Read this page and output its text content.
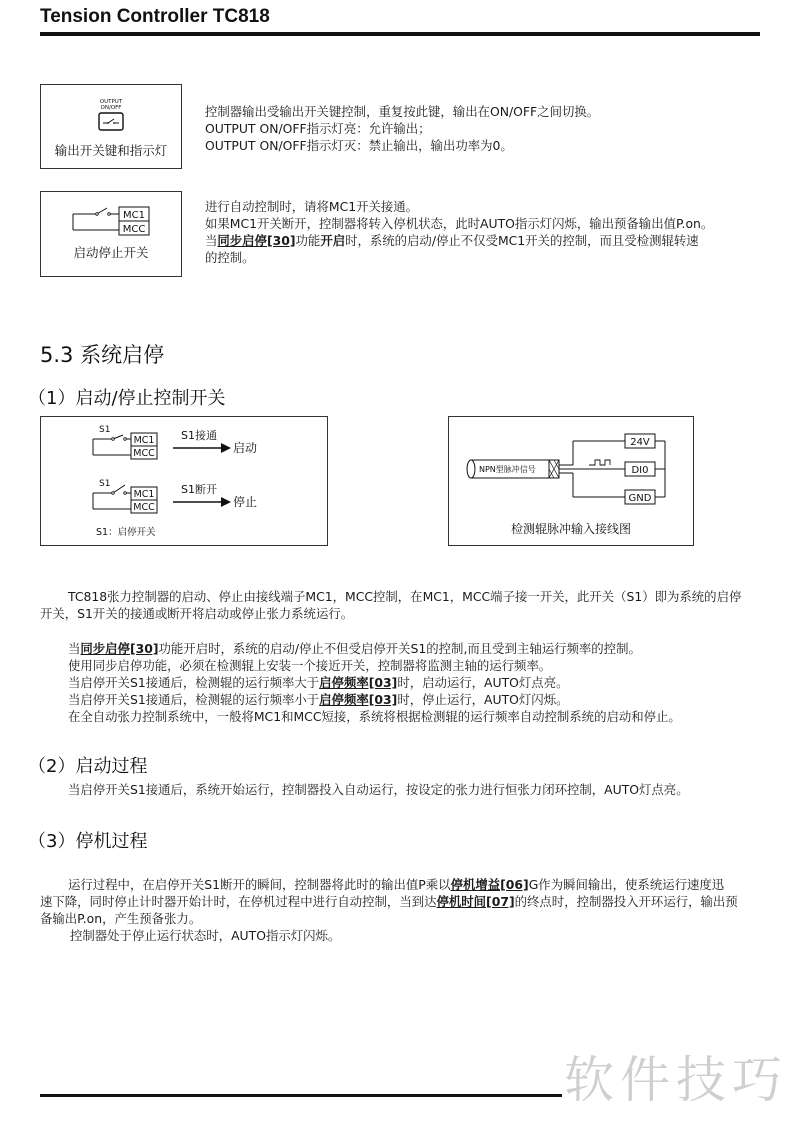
Tension Controller TC818
OUTPUT
ON/OFF
输出开关键和指示灯

控制器输出受输出开关键控制，重复按此键，输出在ON/OFF之间切换。

OUTPUT ON/OFF指示灯亮：允许输出；

OUTPUT ON/OFF指示灯灭：禁止输出，输出功率为0。

MC1
MCC
启动停止开关

进行自动控制时，请将MC1开关接通。

如果MC1开关断开，控制器将转入停机状态，此时AUTO指示灯闪烁，输出预备输出值P.on。

当同步启停[30]功能开启时，系统的启动/停止不仅受MC1开关的控制，而且受检测辊转速

的控制。

5.3 系统启停
（1）启动/停止控制开关
S1
MC1
MCC
S1接通
启动
S1
MC1
MCC
S1断开
停止
S1：启停开关
NPN型脉冲信号
24V
DI0
GND
检测辊脉冲输入接线图

TC818张力控制器的启动、停止由接线端子MC1，MCC控制，在MC1，MCC端子接一开关，此开关（S1）即为系统的启停

开关，S1开关的接通或断开将启动或停止张力系统运行。

当同步启停[30]功能开启时，系统的启动/停止不但受启停开关S1的控制,而且受到主轴运行频率的控制。

使用同步启停功能，必须在检测辊上安装一个接近开关，控制器将监测主轴的运行频率。

当启停开关S1接通后，检测辊的运行频率大于启停频率[03]时，启动运行，AUTO灯点亮。

当启停开关S1接通后，检测辊的运行频率小于启停频率[03]时，停止运行，AUTO灯闪烁。

在全自动张力控制系统中，一般将MC1和MCC短接，系统将根据检测辊的运行频率自动控制系统的启动和停止。

（2）启动过程
当启停开关S1接通后，系统开始运行，控制器投入自动运行，按设定的张力进行恒张力闭环控制，AUTO灯点亮。
（3）停机过程

运行过程中，在启停开关S1断开的瞬间，控制器将此时的输出值P乘以停机增益[06]G作为瞬间输出，使系统运行速度迅

速下降，同时停止计时器开始计时，在停机过程中进行自动控制，当到达停机时间[07]的终点时，控制器投入开环运行，输出预

备输出P.on，产生预备张力。

控制器处于停止运行状态时，AUTO指示灯闪烁。

软件技巧
